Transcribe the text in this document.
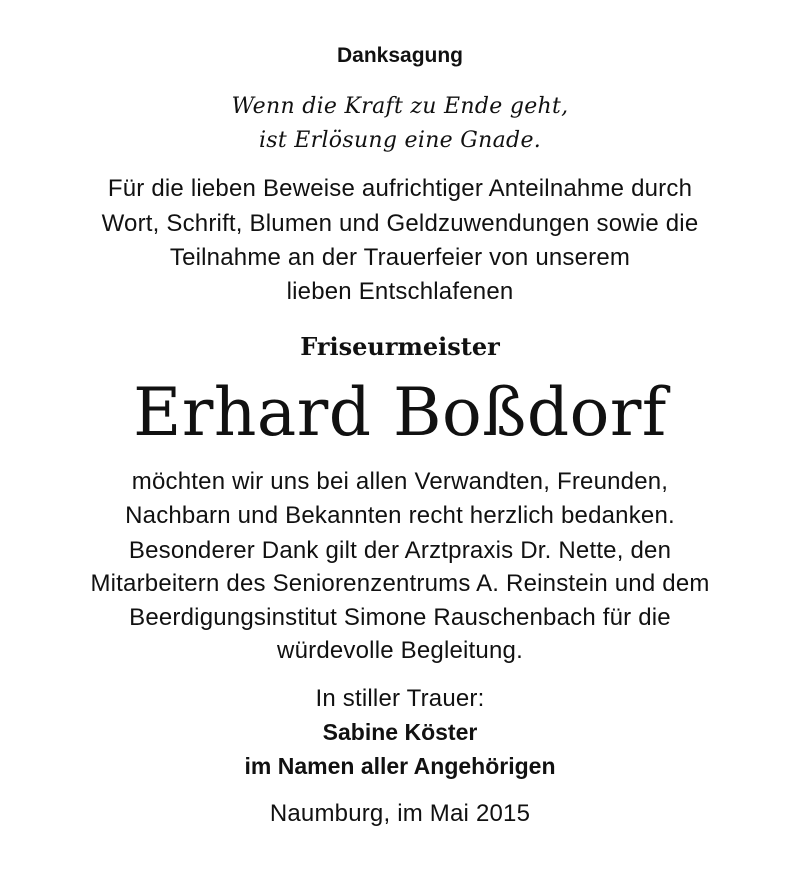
Danksagung
Wenn die Kraft zu Ende geht,
ist Erlösung eine Gnade.
Für die lieben Beweise aufrichtiger Anteilnahme durch
Wort, Schrift, Blumen und Geldzuwendungen sowie die
Teilnahme an der Trauerfeier von unserem
lieben Entschlafenen
Friseurmeister
Erhard Boßdorf
möchten wir uns bei allen Verwandten, Freunden,
Nachbarn und Bekannten recht herzlich bedanken.
Besonderer Dank gilt der Arztpraxis Dr. Nette, den
Mitarbeitern des Seniorenzentrums A. Reinstein und dem
Beerdigungsinstitut Simone Rauschenbach für die
würdevolle Begleitung.
In stiller Trauer:
Sabine Köster
im Namen aller Angehörigen
Naumburg, im Mai 2015
